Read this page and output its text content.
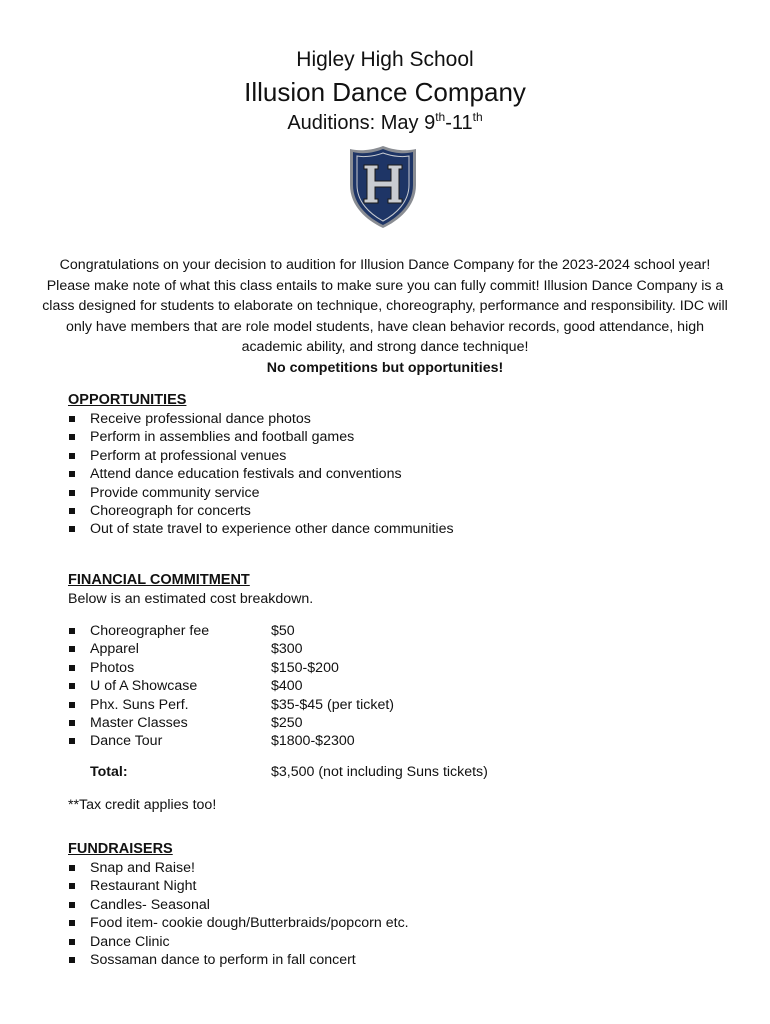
Higley High School
Illusion Dance Company
Auditions: May 9th-11th

Congratulations on your decision to audition for Illusion Dance Company for the 2023-2024 school year! Please make note of what this class entails to make sure you can fully commit! Illusion Dance Company is a class designed for students to elaborate on technique, choreography, performance and responsibility. IDC will only have members that are role model students, have clean behavior records, good attendance, high academic ability, and strong dance technique!
No competitions but opportunities!

OPPORTUNITIES
Receive professional dance photos
Perform in assemblies and football games
Perform at professional venues
Attend dance education festivals and conventions
Provide community service
Choreograph for concerts
Out of state travel to experience other dance communities
FINANCIAL COMMITMENT
Below is an estimated cost breakdown.
Choreographer fee	$50
Apparel	$300
Photos	$150-$200
U of A Showcase	$400
Phx. Suns Perf.	$35-$45 (per ticket)
Master Classes	$250
Dance Tour	$1800-$2300
Total:	$3,500 (not including Suns tickets)
**Tax credit applies too!
FUNDRAISERS
Snap and Raise!
Restaurant Night
Candles- Seasonal
Food item- cookie dough/Butterbraids/popcorn etc.
Dance Clinic
Sossaman dance to perform in fall concert
